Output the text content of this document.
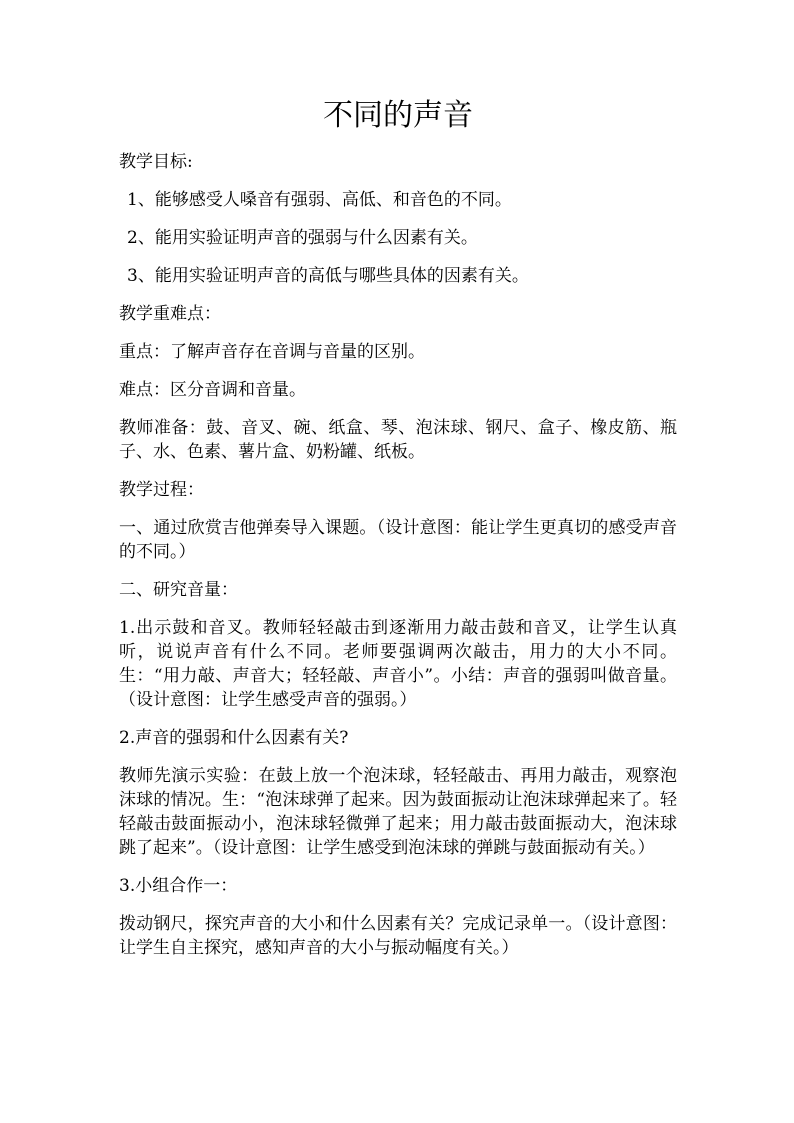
不同的声音

教学目标:

1、能够感受人嗓音有强弱、高低、和音色的不同。

2、能用实验证明声音的强弱与什么因素有关。

3、能用实验证明声音的高低与哪些具体的因素有关。

教学重难点：

重点：了解声音存在音调与音量的区别。

难点：区分音调和音量。

教师准备：鼓、音叉、碗、纸盒、琴、泡沫球、钢尺、盒子、橡皮筋、瓶子、水、色素、薯片盒、奶粉罐、纸板。

教学过程：

一、通过欣赏吉他弹奏导入课题。（设计意图：能让学生更真切的感受声音的不同。）

二、研究音量：

1.出示鼓和音叉。教师轻轻敲击到逐渐用力敲击鼓和音叉，让学生认真听，说说声音有什么不同。老师要强调两次敲击，用力的大小不同。生：“用力敲、声音大；轻轻敲、声音小”。小结：声音的强弱叫做音量。（设计意图：让学生感受声音的强弱。）

2.声音的强弱和什么因素有关?

教师先演示实验：在鼓上放一个泡沫球，轻轻敲击、再用力敲击，观察泡沫球的情况。生：“泡沫球弹了起来。因为鼓面振动让泡沫球弹起来了。轻轻敲击鼓面振动小，泡沫球轻微弹了起来；用力敲击鼓面振动大，泡沫球跳了起来”。（设计意图：让学生感受到泡沫球的弹跳与鼓面振动有关。）

3.小组合作一：

拨动钢尺，探究声音的大小和什么因素有关？完成记录单一。（设计意图：让学生自主探究，感知声音的大小与振动幅度有关。）
